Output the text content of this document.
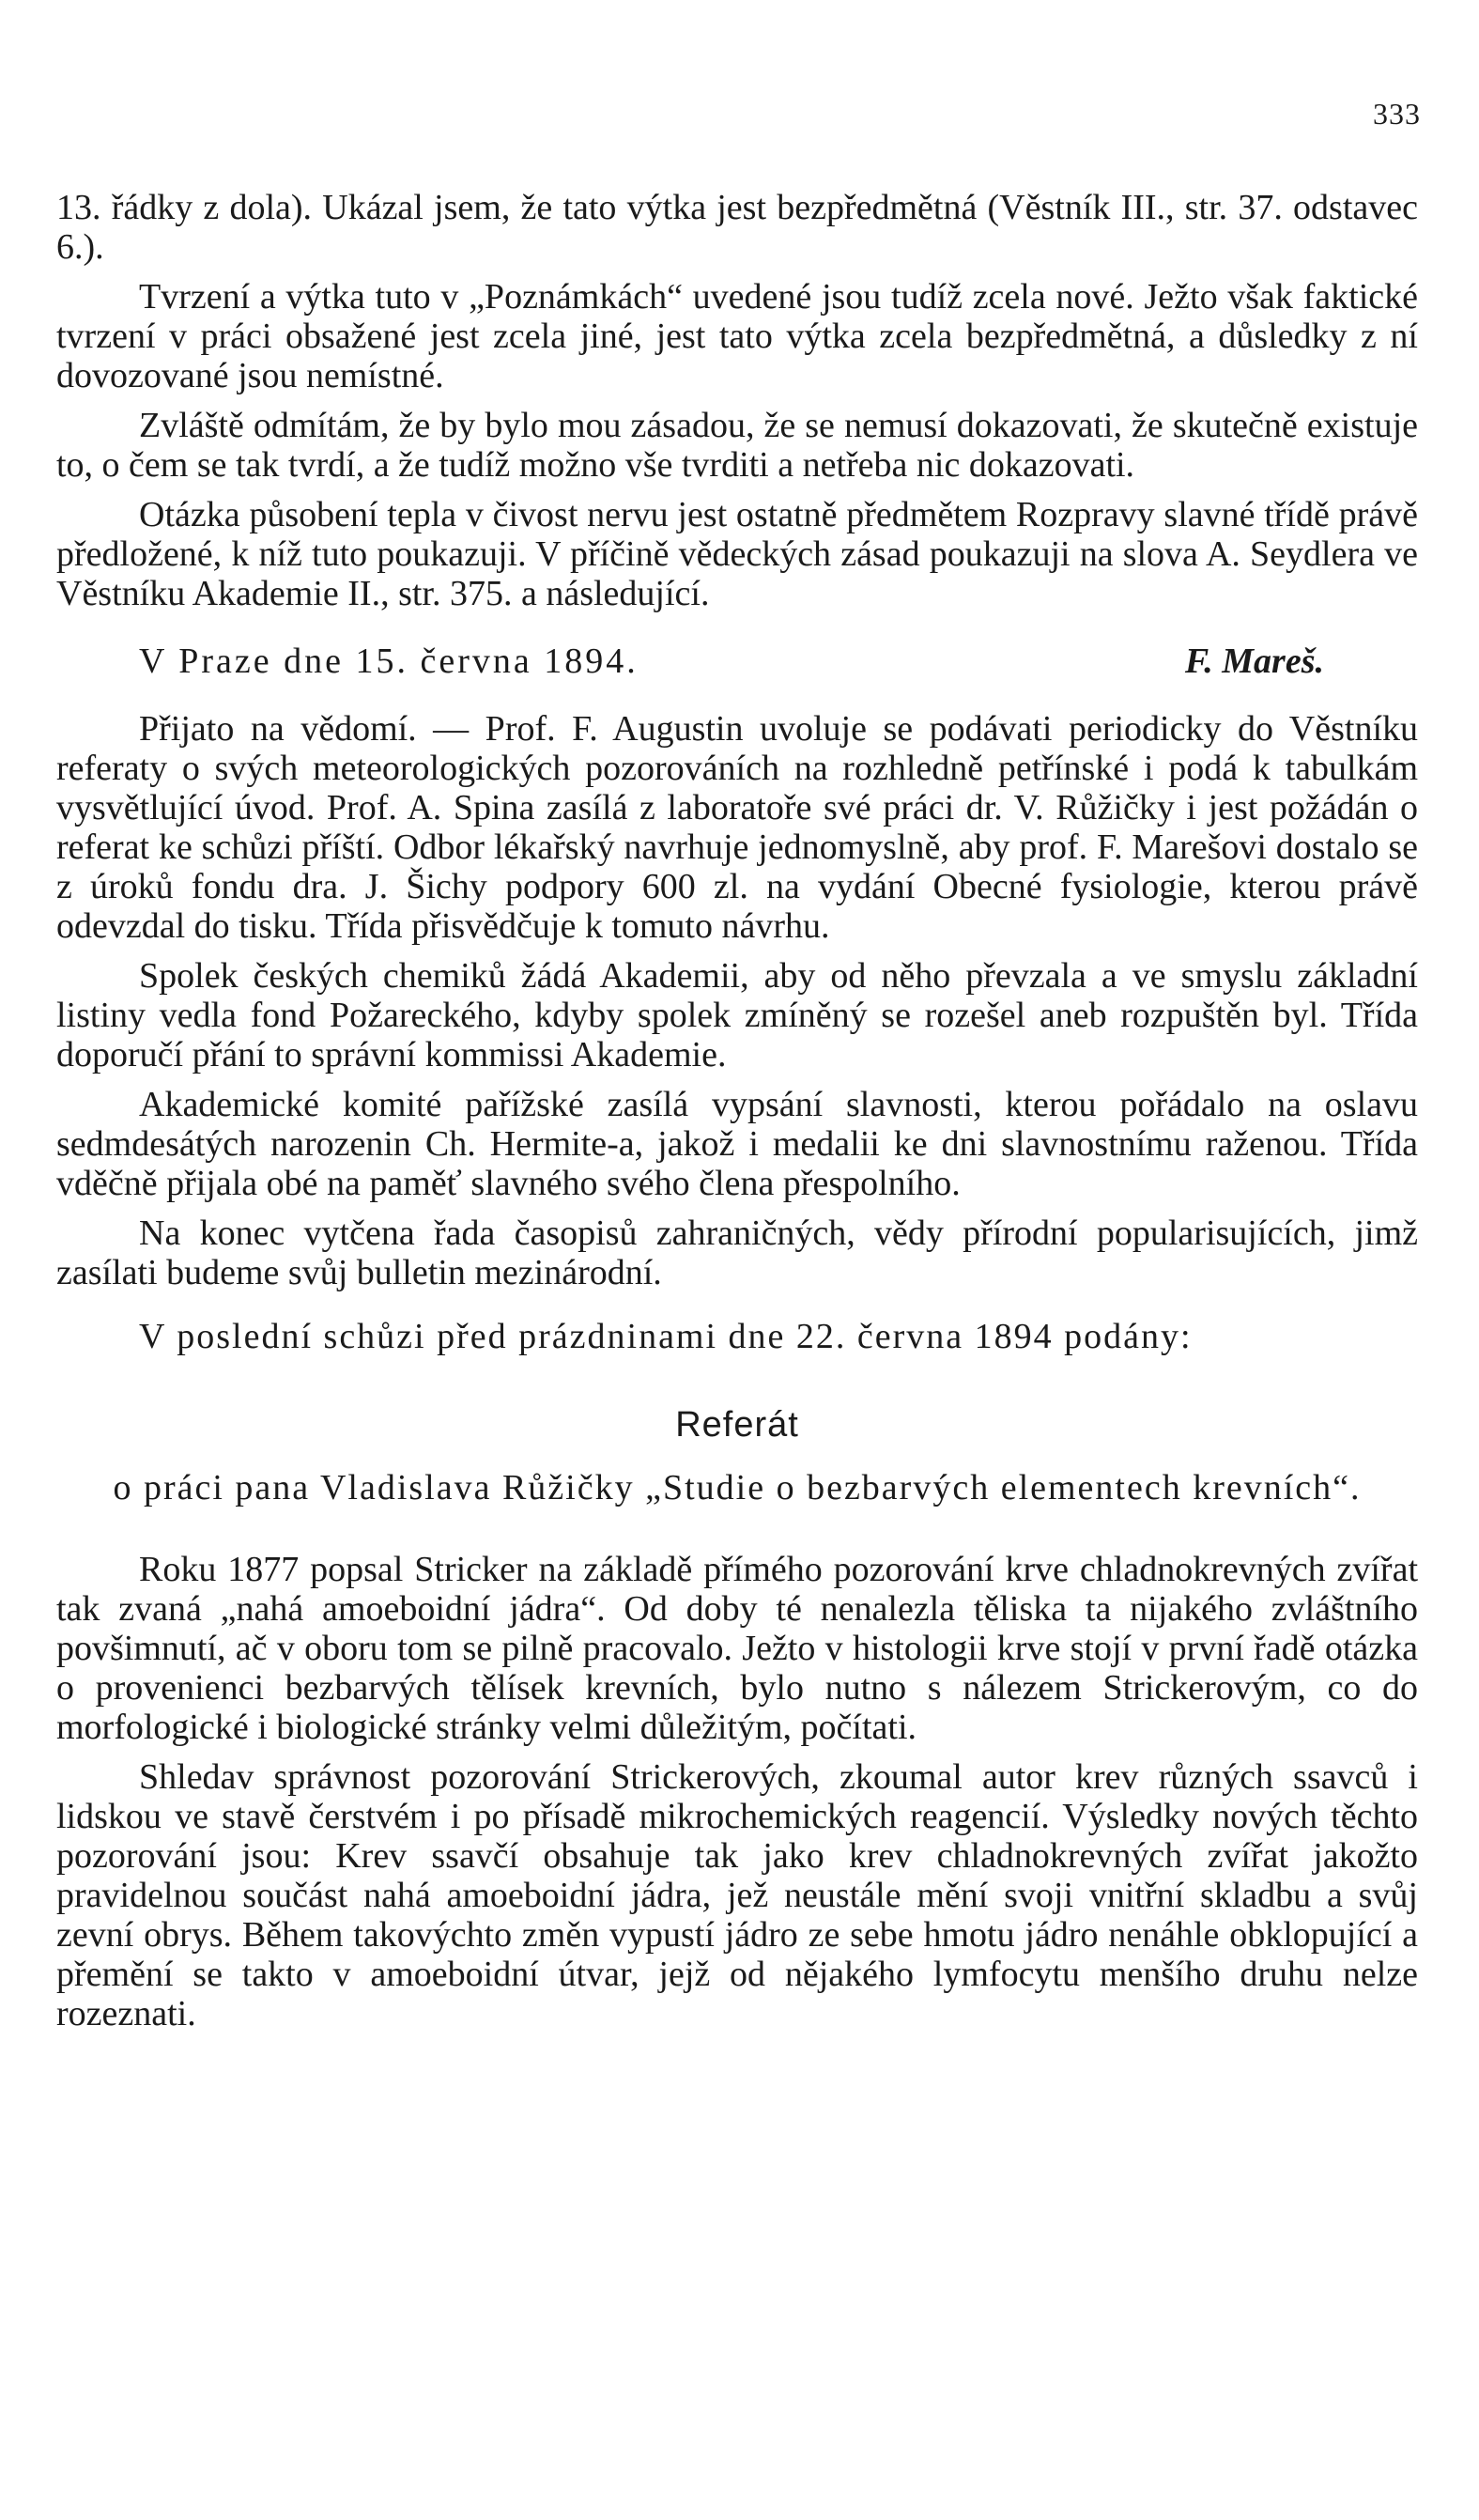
333

13. řádky z dola). Ukázal jsem, že tato výtka jest bezpředmětná (Věstník III., str. 37. odstavec 6.).

Tvrzení a výtka tuto v „Poznámkách“ uvedené jsou tudíž zcela nové. Ježto však faktické tvrzení v práci obsažené jest zcela jiné, jest tato výtka zcela bezpředmětná, a důsledky z ní dovozované jsou nemístné.

Zvláště odmítám, že by bylo mou zásadou, že se nemusí dokazovati, že skutečně existuje to, o čem se tak tvrdí, a že tudíž možno vše tvrditi a netřeba nic dokazovati.

Otázka působení tepla v čivost nervu jest ostatně předmětem Rozpravy slavné třídě právě předložené, k níž tuto poukazuji. V příčině vědeckých zásad poukazuji na slova A. Seydlera ve Věstníku Akademie II., str. 375. a následující.

V Praze dne 15. června 1894.	F. Mareš.

Přijato na vědomí. — Prof. F. Augustin uvoluje se podávati periodicky do Věstníku referaty o svých meteorologických pozorováních na rozhledně petřínské i podá k tabulkám vysvětlující úvod. Prof. A. Spina zasílá z laboratoře své práci dr. V. Růžičky i jest požádán o referat ke schůzi příští. Odbor lékařský navrhuje jednomyslně, aby prof. F. Marešovi dostalo se z úroků fondu dra. J. Šichy podpory 600 zl. na vydání Obecné fysiologie, kterou právě odevzdal do tisku. Třída přisvědčuje k tomuto návrhu.

Spolek českých chemiků žádá Akademii, aby od něho převzala a ve smyslu základní listiny vedla fond Požareckého, kdyby spolek zmíněný se rozešel aneb rozpuštěn byl. Třída doporučí přání to správní kommissi Akademie.

Akademické komité pařížské zasílá vypsání slavnosti, kterou pořádalo na oslavu sedmdesátých narozenin Ch. Hermite-a, jakož i medalii ke dni slavnostnímu raženou. Třída vděčně přijala obé na paměť slavného svého člena přespolního.

Na konec vytčena řada časopisů zahraničných, vědy přírodní popularisujících, jimž zasílati budeme svůj bulletin mezinárodní.

V poslední schůzi před prázdninami dne 22. června 1894 podány:
Referát
o práci pana Vladislava Růžičky „Studie o bezbarvých elementech krevních“.

Roku 1877 popsal Stricker na základě přímého pozorování krve chladnokrevných zvířat tak zvaná „nahá amoeboidní jádra“. Od doby té nenalezla těliska ta nijakého zvláštního povšimnutí, ač v oboru tom se pilně pracovalo. Ježto v histologii krve stojí v první řadě otázka o provenienci bezbarvých tělísek krevních, bylo nutno s nálezem Strickerovým, co do morfologické i biologické stránky velmi důležitým, počítati.

Shledav správnost pozorování Strickerových, zkoumal autor krev různých ssavců i lidskou ve stavě čerstvém i po přísadě mikrochemických reagencií. Výsledky nových těchto pozorování jsou: Krev ssavčí obsahuje tak jako krev chladnokrevných zvířat jakožto pravidelnou součást nahá amoeboidní jádra, jež neustále mění svoji vnitřní skladbu a svůj zevní obrys. Během takovýchto změn vypustí jádro ze sebe hmotu jádro nenáhle obklopující a přemění se takto v amoeboidní útvar, jejž od nějakého lymfocytu menšího druhu nelze rozeznati.
